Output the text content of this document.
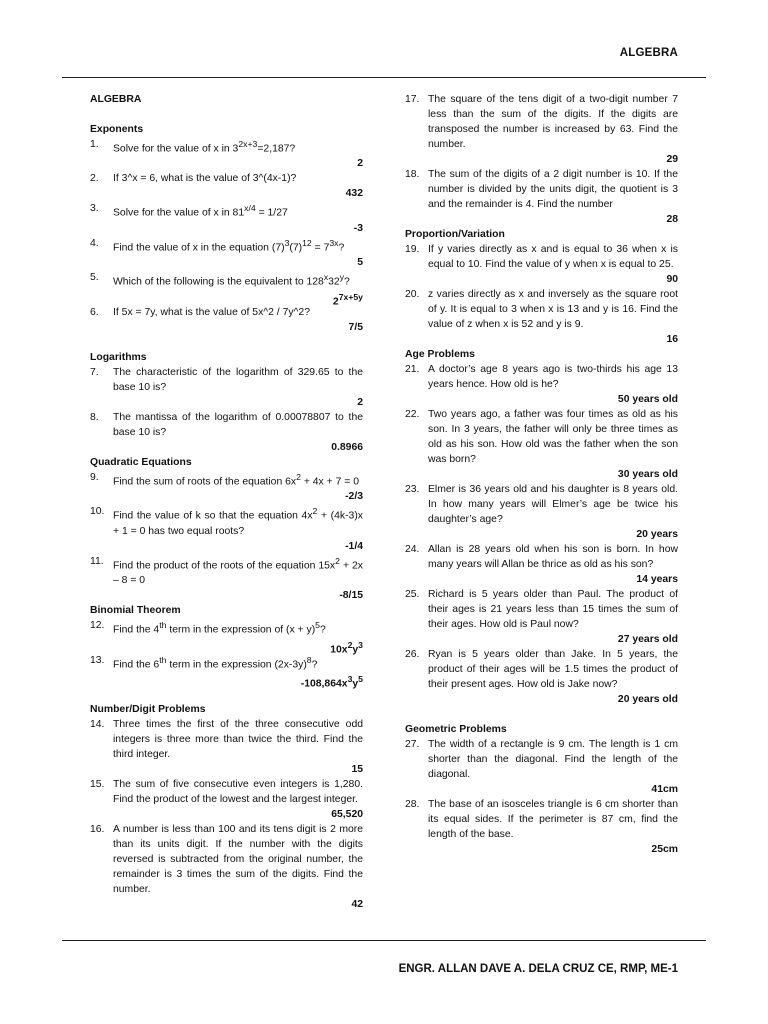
ALGEBRA
ALGEBRA
Exponents
1.	Solve for the value of x in $3^{2x+3}=2,187$?
2
2.	If 3^x = 6, what is the value of 3^(4x-1)?
432
3.	Solve for the value of x in $81^{x/4} = 1/27$
-3
4.	Find the value of x in the equation $(7)^3(7)^{12} = 7^{3x}$?
5
5.	Which of the following is the equivalent to 128$^x$32$^y$?
$2^{7x+5y}$
6.	If 5x = 7y, what is the value of 5x^2 / 7y^2?
7/5
Logarithms
7.	The characteristic of the logarithm of 329.65 to the base 10 is?
2
8.	The mantissa of the logarithm of 0.00078807 to the base 10 is?
0.8966
Quadratic Equations
9.	Find the sum of roots of the equation $6x^2 + 4x + 7 = 0$
-2/3
10. Find the value of k so that the equation $4x^2 + (4k-3)x + 1 = 0$ has two equal roots?
-1/4
11. Find the product of the roots of the equation $15x^2 + 2x - 8 = 0$
-8/15
Binomial Theorem
12. Find the 4th term in the expression of $(x + y)^5$?
$10x^2y^3$
13. Find the 6th term in the expression $(2x-3y)^8$?
$-108,864x^3y^5$
Number/Digit Problems
14. Three times the first of the three consecutive odd integers is three more than twice the third. Find the third integer.
15
15. The sum of five consecutive even integers is 1,280. Find the product of the lowest and the largest integer.
65,520
16. A number is less than 100 and its tens digit is 2 more than its units digit. If the number with the digits reversed is subtracted from the original number, the remainder is 3 times the sum of the digits. Find the number.
42
17. The square of the tens digit of a two-digit number 7 less than the sum of the digits. If the digits are transposed the number is increased by 63. Find the number.
29
18. The sum of the digits of a 2 digit number is 10. If the number is divided by the units digit, the quotient is 3 and the remainder is 4. Find the number
28
Proportion/Variation
19. If y varies directly as x and is equal to 36 when x is equal to 10. Find the value of y when x is equal to 25.
90
20. z varies directly as x and inversely as the square root of y. It is equal to 3 when x is 13 and y is 16. Find the value of z when x is 52 and y is 9.
16
Age Problems
21. A doctor’s age 8 years ago is two-thirds his age 13 years hence. How old is he?
50 years old
22. Two years ago, a father was four times as old as his son. In 3 years, the father will only be three times as old as his son. How old was the father when the son was born?
30 years old
23. Elmer is 36 years old and his daughter is 8 years old. In how many years will Elmer’s age be twice his daughter’s age?
20 years
24. Allan is 28 years old when his son is born. In how many years will Allan be thrice as old as his son?
14 years
25. Richard is 5 years older than Paul. The product of their ages is 21 years less than 15 times the sum of their ages. How old is Paul now?
27 years old
26. Ryan is 5 years older than Jake. In 5 years, the product of their ages will be 1.5 times the product of their present ages. How old is Jake now?
20 years old
Geometric Problems
27. The width of a rectangle is 9 cm. The length is 1 cm shorter than the diagonal. Find the length of the diagonal.
41cm
28. The base of an isosceles triangle is 6 cm shorter than its equal sides. If the perimeter is 87 cm, find the length of the base.
25cm
ENGR. ALLAN DAVE A. DELA CRUZ CE, RMP, ME-1
